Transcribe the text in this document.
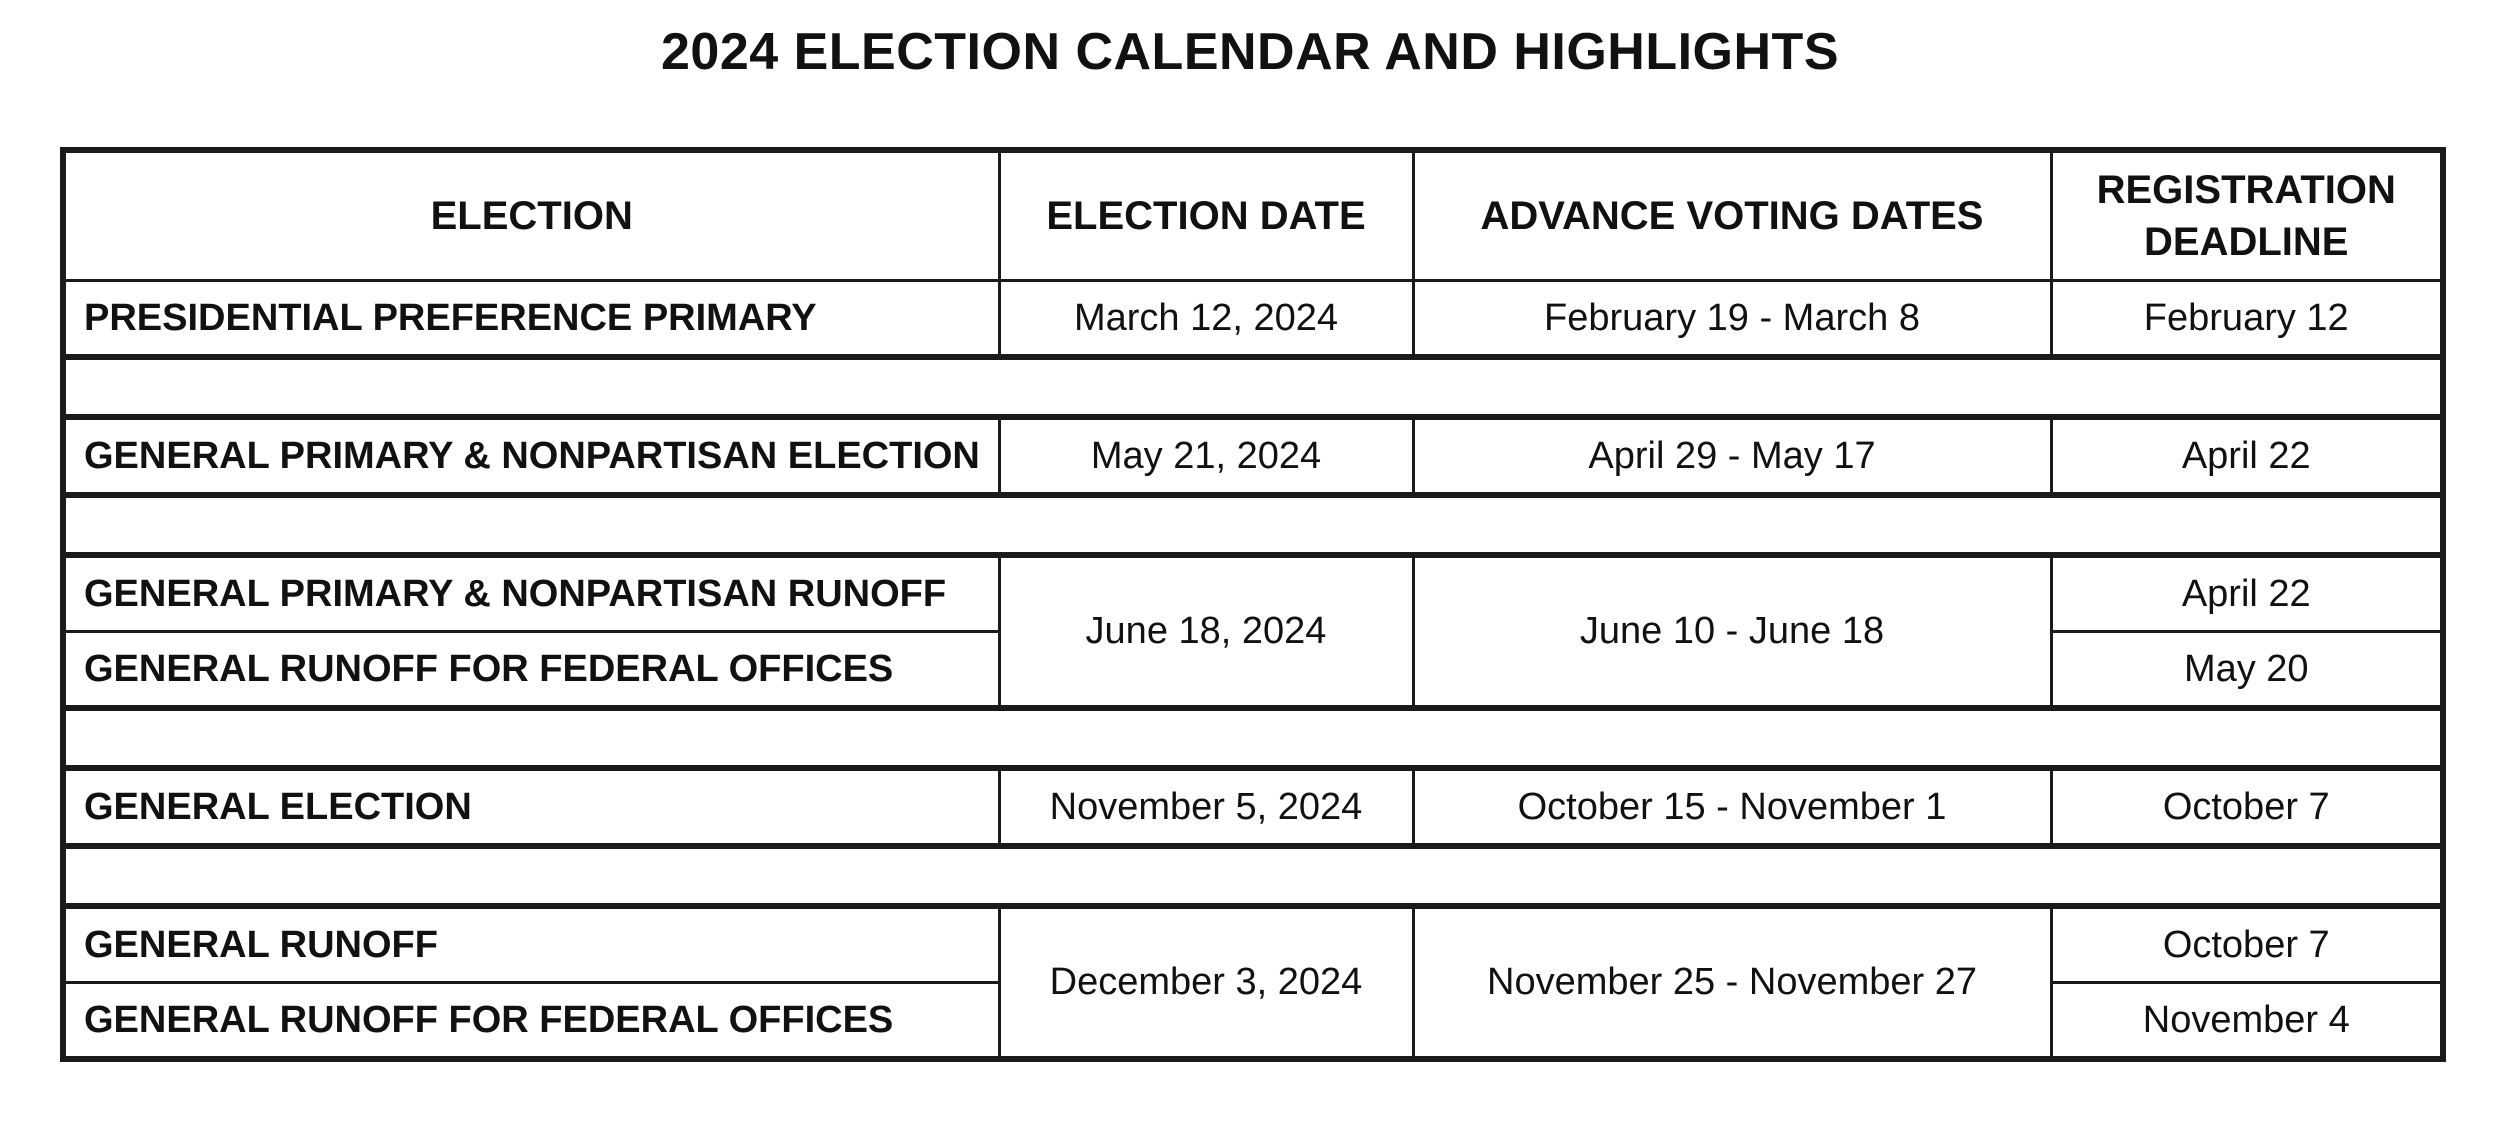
2024 ELECTION CALENDAR AND HIGHLIGHTS
ELECTION	ELECTION DATE	ADVANCE VOTING DATES	REGISTRATION
DEADLINE

PRESIDENTIAL PREFERENCE PRIMARY	March 12, 2024	February 19 - March 8	February 12

GENERAL PRIMARY & NONPARTISAN ELECTION	May 21, 2024	April 29 - May 17	April 22

GENERAL PRIMARY & NONPARTISAN RUNOFF	June 18, 2024	June 10 - June 18	April 22
GENERAL RUNOFF FOR FEDERAL OFFICES			May 20

GENERAL ELECTION	November 5, 2024	October 15 - November 1	October 7

GENERAL RUNOFF	December 3, 2024	November 25 - November 27	October 7
GENERAL RUNOFF FOR FEDERAL OFFICES			November 4
